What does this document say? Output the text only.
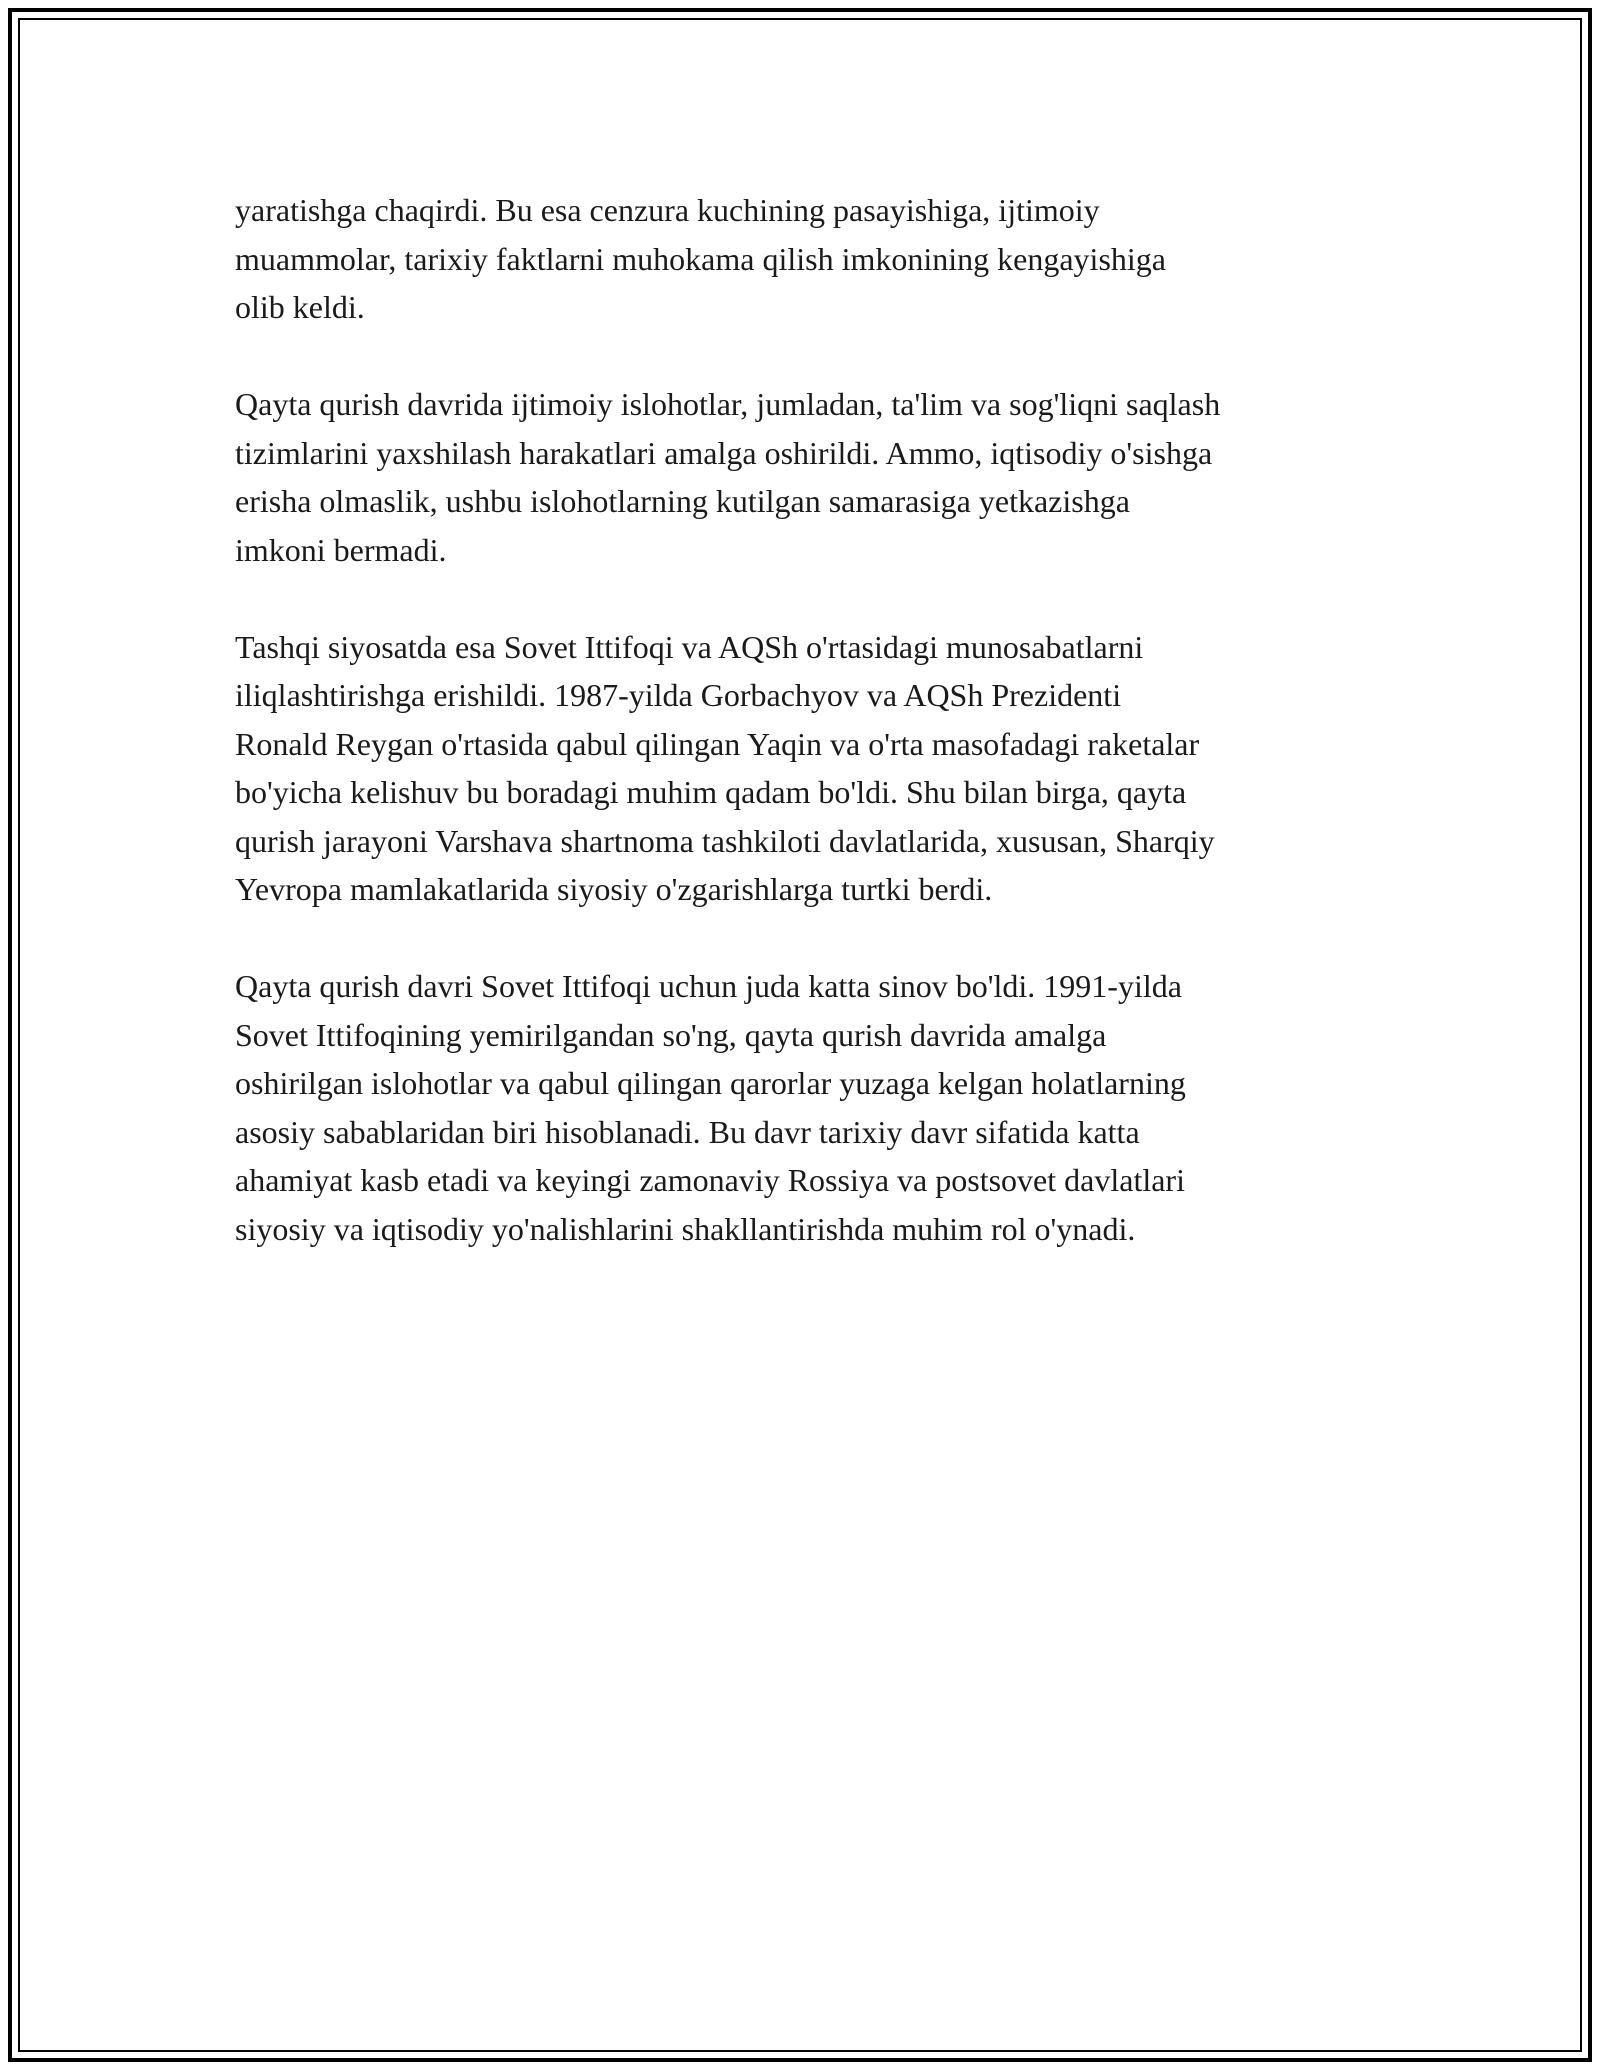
yaratishga chaqirdi. Bu esa cenzura kuchining pasayishiga, ijtimoiy
muammolar, tarixiy faktlarni muhokama qilish imkonining kengayishiga
olib keldi.

Qayta qurish davrida ijtimoiy islohotlar, jumladan, ta'lim va sog'liqni saqlash
tizimlarini yaxshilash harakatlari amalga oshirildi. Ammo, iqtisodiy o'sishga
erisha olmaslik, ushbu islohotlarning kutilgan samarasiga yetkazishga
imkoni bermadi.

Tashqi siyosatda esa Sovet Ittifoqi va AQSh o'rtasidagi munosabatlarni
iliqlashtirishga erishildi. 1987-yilda Gorbachyov va AQSh Prezidenti
Ronald Reygan o'rtasida qabul qilingan Yaqin va o'rta masofadagi raketalar
bo'yicha kelishuv bu boradagi muhim qadam bo'ldi. Shu bilan birga, qayta
qurish jarayoni Varshava shartnoma tashkiloti davlatlarida, xususan, Sharqiy
Yevropa mamlakatlarida siyosiy o'zgarishlarga turtki berdi.

Qayta qurish davri Sovet Ittifoqi uchun juda katta sinov bo'ldi. 1991-yilda
Sovet Ittifoqining yemirilgandan so'ng, qayta qurish davrida amalga
oshirilgan islohotlar va qabul qilingan qarorlar yuzaga kelgan holatlarning
asosiy sabablaridan biri hisoblanadi. Bu davr tarixiy davr sifatida katta
ahamiyat kasb etadi va keyingi zamonaviy Rossiya va postsovet davlatlari
siyosiy va iqtisodiy yo'nalishlarini shakllantirishda muhim rol o'ynadi.
